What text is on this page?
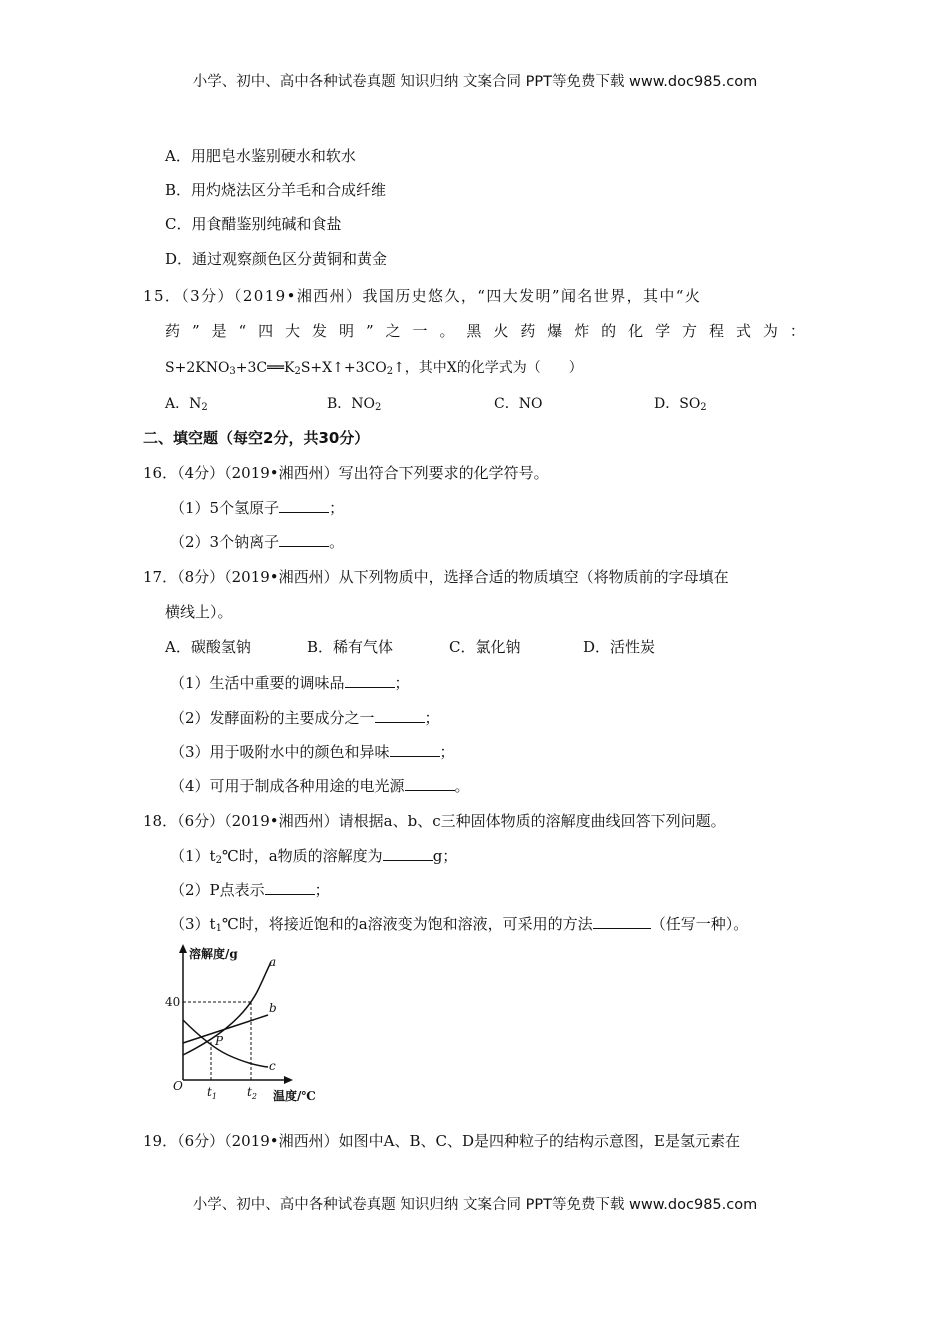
小学、初中、高中各种试卷真题 知识归纳 文案合同 PPT等免费下载 www.doc985.com
A．用肥皂水鉴别硬水和软水
B．用灼烧法区分羊毛和合成纤维
C．用食醋鉴别纯碱和食盐
D．通过观察颜色区分黄铜和黄金
15．（3分）（2019•湘西州）我国历史悠久，“四大发明”闻名世界，其中“火
药 ” 是 “ 四 大 发 明 ” 之 一 。 黑 火 药 爆 炸 的 化 学 方 程 式 为 ：
$S+2KNO_3+3C══K_2S+X↑+3CO_2↑$，其中X的化学式为（　　）
A．$N_2$	B．$NO_2$	C．NO	D．$SO_2$
二、填空题（每空2分，共30分）
16．（4分）（2019•湘西州）写出符合下列要求的化学符号。
（1）5个氢原子	；
（2）3个钠离子	。
17．（8分）（2019•湘西州）从下列物质中，选择合适的物质填空（将物质前的字母填在
横线上）。
A．碳酸氢钠	B．稀有气体	C．氯化钠	D．活性炭
（1）生活中重要的调味品	；
（2）发酵面粉的主要成分之一	；
（3）用于吸附水中的颜色和异味	；
（4）可用于制成各种用途的电光源	。
18．（6分）（2019•湘西州）请根据a、b、c三种固体物质的溶解度曲线回答下列问题。
$(1)t_2℃$时，a物质的溶解度为	g；
（2）P点表示	；
$(3)t_1℃$时，将接近饱和的a溶液变为饱和溶液，可采用的方法	（任写一种）。
溶解度/g
40
O $t_1$	$t_2$ 温度/℃
a
b
c
P
19．（6分）（2019•湘西州）如图中A、B、C、D是四种粒子的结构示意图，E是氢元素在
小学、初中、高中各种试卷真题 知识归纳 文案合同 PPT等免费下载 www.doc985.com
